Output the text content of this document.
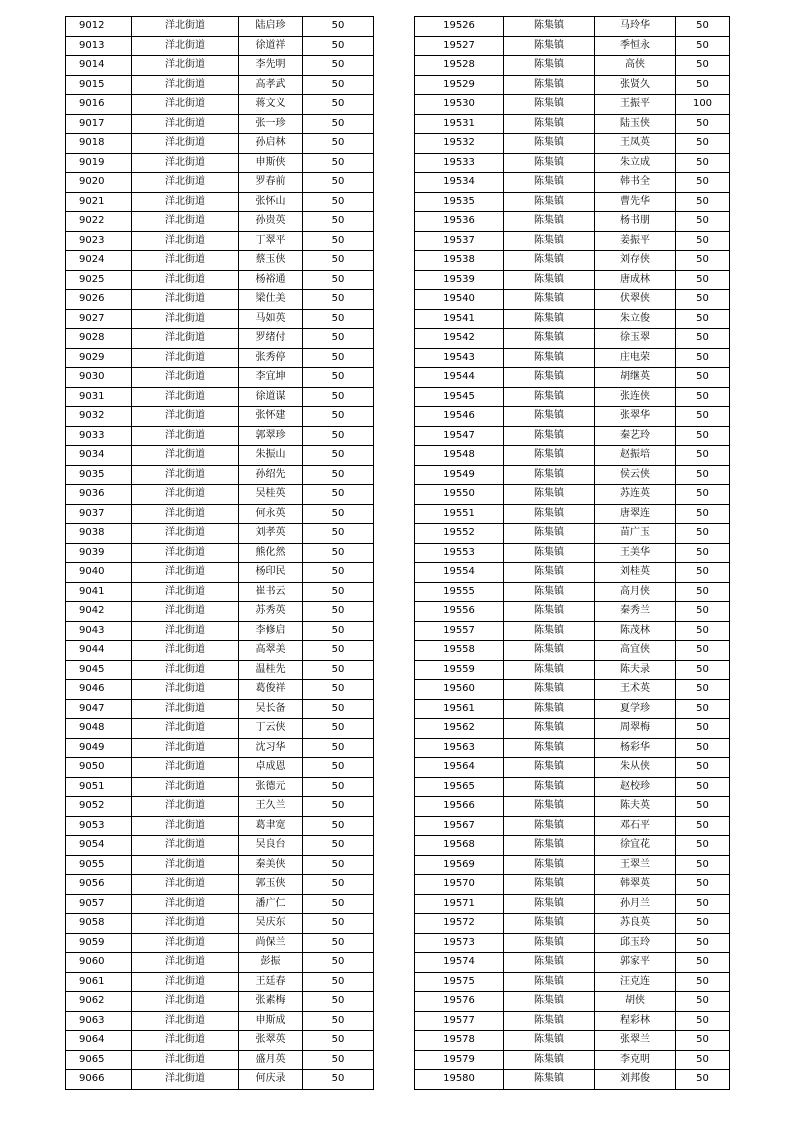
9012	洋北街道	陆启珍	50
9013	洋北街道	徐道祥	50
9014	洋北街道	李先明	50
9015	洋北街道	高孝武	50
9016	洋北街道	蒋文义	50
9017	洋北街道	张一珍	50
9018	洋北街道	孙启林	50
9019	洋北街道	申斯侠	50
9020	洋北街道	罗春前	50
9021	洋北街道	张怀山	50
9022	洋北街道	孙贵英	50
9023	洋北街道	丁翠平	50
9024	洋北街道	蔡玉侠	50
9025	洋北街道	杨裕通	50
9026	洋北街道	梁仕美	50
9027	洋北街道	马如英	50
9028	洋北街道	罗绪付	50
9029	洋北街道	张秀停	50
9030	洋北街道	李宜坤	50
9031	洋北街道	徐道谋	50
9032	洋北街道	张怀建	50
9033	洋北街道	郭翠珍	50
9034	洋北街道	朱振山	50
9035	洋北街道	孙绍先	50
9036	洋北街道	吴桂英	50
9037	洋北街道	何永英	50
9038	洋北街道	刘孝英	50
9039	洋北街道	熊化然	50
9040	洋北街道	杨印民	50
9041	洋北街道	崔书云	50
9042	洋北街道	苏秀英	50
9043	洋北街道	李修启	50
9044	洋北街道	高翠美	50
9045	洋北街道	温桂先	50
9046	洋北街道	葛俊祥	50
9047	洋北街道	吴长备	50
9048	洋北街道	丁云侠	50
9049	洋北街道	沈习华	50
9050	洋北街道	卓成恩	50
9051	洋北街道	张德元	50
9052	洋北街道	王久兰	50
9053	洋北街道	葛聿宽	50
9054	洋北街道	吴良台	50
9055	洋北街道	秦美侠	50
9056	洋北街道	郭玉侠	50
9057	洋北街道	潘广仁	50
9058	洋北街道	吴庆东	50
9059	洋北街道	尚保兰	50
9060	洋北街道	彭振	50
9061	洋北街道	王廷春	50
9062	洋北街道	张素梅	50
9063	洋北街道	申斯成	50
9064	洋北街道	张翠英	50
9065	洋北街道	盛月英	50
9066	洋北街道	何庆录	50
19526	陈集镇	马玲华	50
19527	陈集镇	季恒永	50
19528	陈集镇	高侠	50
19529	陈集镇	张贤久	50
19530	陈集镇	王振平	100
19531	陈集镇	陆玉侠	50
19532	陈集镇	王凤英	50
19533	陈集镇	朱立成	50
19534	陈集镇	韩书全	50
19535	陈集镇	曹先华	50
19536	陈集镇	杨书朋	50
19537	陈集镇	姜振平	50
19538	陈集镇	刘存侠	50
19539	陈集镇	唐成林	50
19540	陈集镇	伏翠侠	50
19541	陈集镇	朱立俊	50
19542	陈集镇	徐玉翠	50
19543	陈集镇	庄电荣	50
19544	陈集镇	胡继英	50
19545	陈集镇	张连侠	50
19546	陈集镇	张翠华	50
19547	陈集镇	秦艺玲	50
19548	陈集镇	赵振培	50
19549	陈集镇	侯云侠	50
19550	陈集镇	苏连英	50
19551	陈集镇	唐翠连	50
19552	陈集镇	苗广玉	50
19553	陈集镇	王美华	50
19554	陈集镇	刘桂英	50
19555	陈集镇	高月侠	50
19556	陈集镇	秦秀兰	50
19557	陈集镇	陈茂林	50
19558	陈集镇	高宜侠	50
19559	陈集镇	陈夫录	50
19560	陈集镇	王术英	50
19561	陈集镇	夏学珍	50
19562	陈集镇	周翠梅	50
19563	陈集镇	杨彩华	50
19564	陈集镇	朱从侠	50
19565	陈集镇	赵校珍	50
19566	陈集镇	陈夫英	50
19567	陈集镇	邓石平	50
19568	陈集镇	徐宜花	50
19569	陈集镇	王翠兰	50
19570	陈集镇	韩翠英	50
19571	陈集镇	孙月兰	50
19572	陈集镇	苏良英	50
19573	陈集镇	邱玉玲	50
19574	陈集镇	郭家平	50
19575	陈集镇	汪克连	50
19576	陈集镇	胡侠	50
19577	陈集镇	程彩林	50
19578	陈集镇	张翠兰	50
19579	陈集镇	李克明	50
19580	陈集镇	刘邦俊	50
